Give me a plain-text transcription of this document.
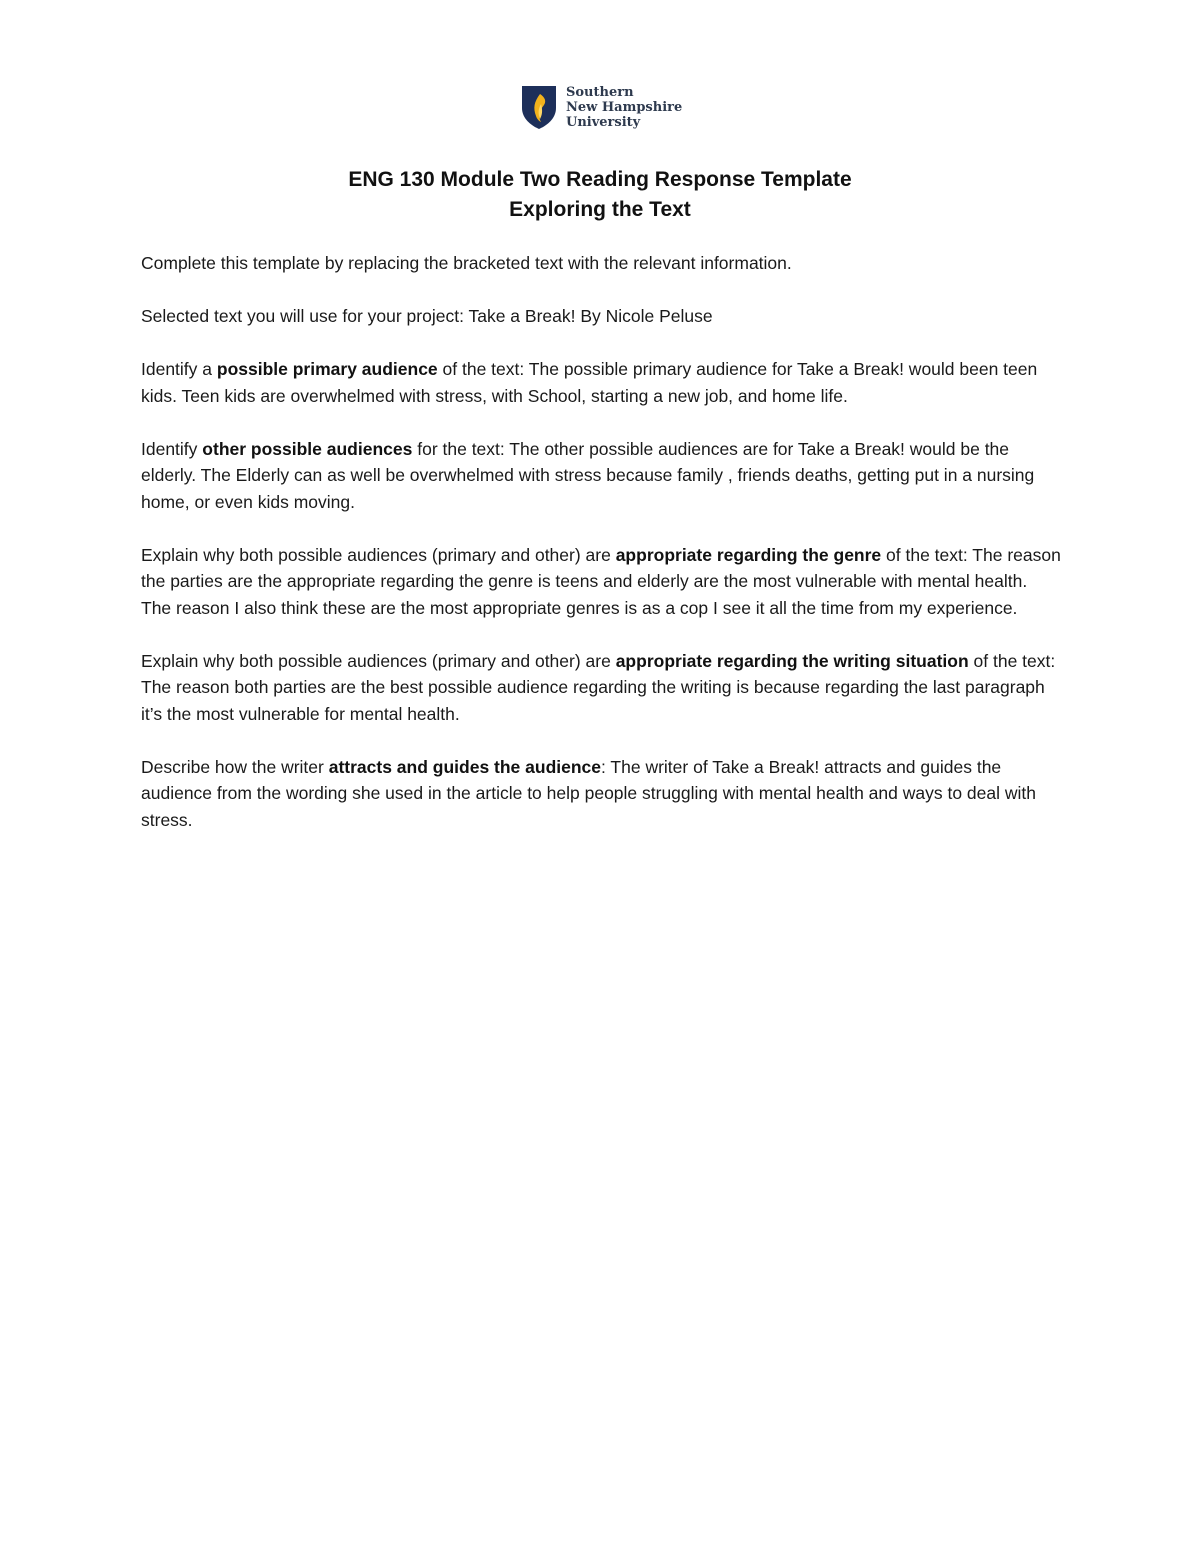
Southern
New Hampshire
University
ENG 130 Module Two Reading Response Template
Exploring the Text

Complete this template by replacing the bracketed text with the relevant information.

Selected text you will use for your project: Take a Break! By Nicole Peluse

Identify a possible primary audience of the text: The possible primary audience for Take a Break! would been teen kids. Teen kids are overwhelmed with stress, with School, starting a new job, and home life.

Identify other possible audiences for the text: The other possible audiences are for Take a Break! would be the elderly. The Elderly can as well be overwhelmed with stress because family , friends deaths, getting put in a nursing home, or even kids moving.

Explain why both possible audiences (primary and other) are appropriate regarding the genre of the text: The reason the parties are the appropriate regarding the genre is teens and elderly are the most vulnerable with mental health. The reason I also think these are the most appropriate genres is as a cop I see it all the time from my experience.

Explain why both possible audiences (primary and other) are appropriate regarding the writing situation of the text: The reason both parties are the best possible audience regarding the writing is because regarding the last paragraph it’s the most vulnerable for mental health.

Describe how the writer attracts and guides the audience: The writer of Take a Break! attracts and guides the audience from the wording she used in the article to help people struggling with mental health and ways to deal with stress.
